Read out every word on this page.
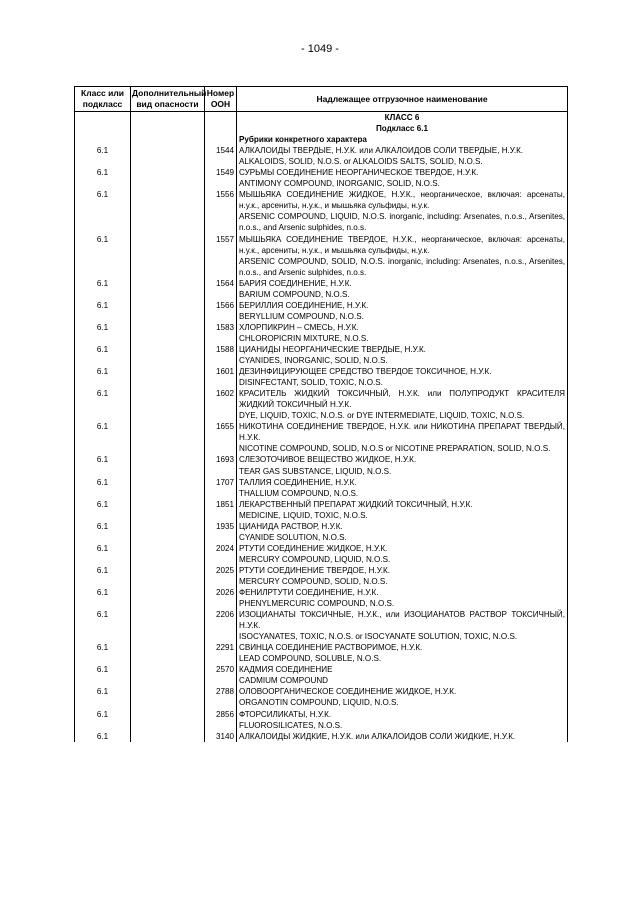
- 1049 -
Класс или подкласс	Дополнительный вид опасности	Номер ООН	Надлежащее отгрузочное наименование

			КЛАСС 6
Подкласс 6.1
Рубрики конкретного характера

6.1		1544	АЛКАЛОИДЫ ТВЕРДЫЕ, Н.У.К. или АЛКАЛОИДОВ СОЛИ ТВЕРДЫЕ, Н.У.К.
ALKALOIDS, SOLID, N.O.S. or ALKALOIDS SALTS, SOLID, N.O.S.

6.1		1549	СУРЬМЫ СОЕДИНЕНИЕ НЕОРГАНИЧЕСКОЕ ТВЕРДОЕ, Н.У.К.
ANTIMONY COMPOUND, INORGANIC, SOLID, N.O.S.

6.1		1556	МЫШЬЯКА СОЕДИНЕНИЕ ЖИДКОЕ, Н.У.К., неорганическое, включая: арсенаты, н.у.к., арсениты, н.у.к., и мышьяка сульфиды, н.у.к.
ARSENIC COMPOUND, LIQUID, N.O.S. inorganic, including: Arsenates, n.o.s., Arsenites, n.o.s., and Arsenic sulphides, n.o.s.

6.1		1557	МЫШЬЯКА СОЕДИНЕНИЕ ТВЕРДОЕ, Н.У.К., неорганическое, включая: арсенаты, н.у.к., арсениты, н.у.к., и мышьяка сульфиды, н.у.к.
ARSENIC COMPOUND, SOLID, N.O.S. inorganic, including: Arsenates, n.o.s., Arsenites, n.o.s., and Arsenic sulphides, n.o.s.

6.1		1564	БАРИЯ СОЕДИНЕНИЕ, Н.У.К.
BARIUM COMPOUND, N.O.S.

6.1		1566	БЕРИЛЛИЯ СОЕДИНЕНИЕ, Н.У.К.
BERYLLIUM COMPOUND, N.O.S.

6.1		1583	ХЛОРПИКРИН – СМЕСЬ, Н.У.К.
CHLOROPICRIN MIXTURE, N.O.S.

6.1		1588	ЦИАНИДЫ НЕОРГАНИЧЕСКИЕ ТВЕРДЫЕ, Н.У.К.
CYANIDES, INORGANIC, SOLID, N.O.S.

6.1		1601	ДЕЗИНФИЦИРУЮЩЕЕ СРЕДСТВО ТВЕРДОЕ ТОКСИЧНОЕ, Н.У.К.
DISINFECTANT, SOLID, TOXIC, N.O.S.

6.1		1602	КРАСИТЕЛЬ ЖИДКИЙ ТОКСИЧНЫЙ, Н.У.К. или ПОЛУПРОДУКТ КРАСИТЕЛЯ ЖИДКИЙ ТОКСИЧНЫЙ Н.У.К.
DYE, LIQUID, TOXIC, N.O.S. or DYE INTERMEDIATE, LIQUID, TOXIC, N.O.S.

6.1		1655	НИКОТИНА СОЕДИНЕНИЕ ТВЕРДОЕ, Н.У.К. или НИКОТИНА ПРЕПАРАТ ТВЕРДЫЙ, Н.У.К.
NICOTINE COMPOUND, SOLID, N.O.S or NICOTINE PREPARATION, SOLID, N.O.S.

6.1		1693	СЛЕЗОТОЧИВОЕ ВЕЩЕСТВО ЖИДКОЕ, Н.У.К.
TEAR GAS SUBSTANCE, LIQUID, N.O.S.

6.1		1707	ТАЛЛИЯ СОЕДИНЕНИЕ, Н.У.К.
THALLIUM COMPOUND, N.O.S.

6.1		1851	ЛЕКАРСТВЕННЫЙ ПРЕПАРАТ ЖИДКИЙ ТОКСИЧНЫЙ, Н.У.К.
MEDICINE, LIQUID, TOXIC, N.O.S.

6.1		1935	ЦИАНИДА РАСТВОР, Н.У.К.
CYANIDE SOLUTION, N.O.S.

6.1		2024	РТУТИ СОЕДИНЕНИЕ ЖИДКОЕ, Н.У.К.
MERCURY COMPOUND, LIQUID, N.O.S.

6.1		2025	РТУТИ СОЕДИНЕНИЕ ТВЕРДОЕ, Н.У.К.
MERCURY COMPOUND, SOLID, N.O.S.

6.1		2026	ФЕНИЛРТУТИ СОЕДИНЕНИЕ, Н.У.К.
PHENYLMERCURIC COMPOUND, N.O.S.

6.1		2206	ИЗОЦИАНАТЫ ТОКСИЧНЫЕ, Н.У.К., или ИЗОЦИАНАТОВ РАСТВОР ТОКСИЧНЫЙ, Н.У.К.
ISOCYANATES, TOXIC, N.O.S. or ISOCYANATE SOLUTION, TOXIC, N.O.S.

6.1		2291	СВИНЦА СОЕДИНЕНИЕ РАСТВОРИМОЕ, Н.У.К.
LEAD COMPOUND, SOLUBLE, N.O.S.

6.1		2570	КАДМИЯ СОЕДИНЕНИЕ
CADMIUM COMPOUND

6.1		2788	ОЛОВООРГАНИЧЕСКОЕ СОЕДИНЕНИЕ ЖИДКОЕ, Н.У.К.
ORGANOTIN COMPOUND, LIQUID, N.O.S.

6.1		2856	ФТОРСИЛИКАТЫ, Н.У.К.
FLUOROSILICATES, N.O.S.

6.1		3140	АЛКАЛОИДЫ ЖИДКИЕ, Н.У.К. или АЛКАЛОИДОВ СОЛИ ЖИДКИЕ, Н.У.К.
